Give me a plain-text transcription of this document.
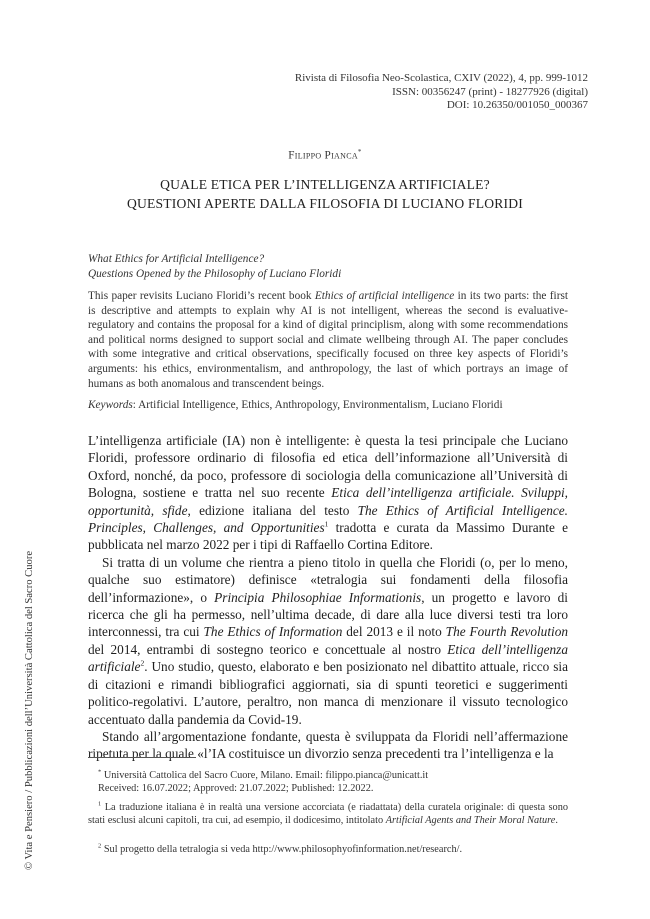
Rivista di Filosofia Neo-Scolastica, CXIV (2022), 4, pp. 999-1012
ISSN: 00356247 (print) - 18277926 (digital)
DOI: 10.26350/001050_000367
Filippo Pianca*
QUALE ETICA PER L’INTELLIGENZA ARTIFICIALE?
QUESTIONI APERTE DALLA FILOSOFIA DI LUCIANO FLORIDI
What Ethics for Artificial Intelligence?
Questions Opened by the Philosophy of Luciano Floridi
This paper revisits Luciano Floridi’s recent book Ethics of artificial intelligence in its two parts: the first is descriptive and attempts to explain why AI is not intelligent, whereas the second is evaluative-regulatory and contains the proposal for a kind of digital principlism, along with some recommendations and political norms designed to support social and climate wellbeing through AI. The paper concludes with some integrative and critical observations, specifically focused on three key aspects of Floridi’s arguments: his ethics, environmentalism, and anthropology, the last of which portrays an image of humans as both anomalous and transcendent beings.
Keywords: Artificial Intelligence, Ethics, Anthropology, Environmentalism, Luciano Floridi

L’intelligenza artificiale (IA) non è intelligente: è questa la tesi principale che Luciano Floridi, professore ordinario di filosofia ed etica dell’informazione all’Università di Oxford, nonché, da poco, professore di sociologia della comunicazione all’Università di Bologna, sostiene e tratta nel suo recente Etica dell’intelligenza artificiale. Sviluppi, opportunità, sfide, edizione italiana del testo The Ethics of Artificial Intelligence. Principles, Challenges, and Opportunities$^1$ tradotta e curata da Massimo Durante e pubblicata nel marzo 2022 per i tipi di Raffaello Cortina Editore.

Si tratta di un volume che rientra a pieno titolo in quella che Floridi (o, per lo meno, qualche suo estimatore) definisce «tetralogia sui fondamenti della filosofia dell’informazione», o Principia Philosophiae Informationis, un progetto e lavoro di ricerca che gli ha permesso, nell’ultima decade, di dare alla luce diversi testi tra loro interconnessi, tra cui The Ethics of Information del 2013 e il noto The Fourth Revolution del 2014, entrambi di sostegno teorico e concettuale al nostro Etica dell’intelligenza artificiale$^2$. Uno studio, questo, elaborato e ben posizionato nel dibattito attuale, ricco sia di citazioni e rimandi bibliografici aggiornati, sia di spunti teoretici e suggerimenti politico-regolativi. L’autore, peraltro, non manca di menzionare il vissuto tecnologico accentuato dalla pandemia da Covid-19.

Stando all’argomentazione fondante, questa è sviluppata da Floridi nell’affermazione ripetuta per la quale «l’IA costituisce un divorzio senza precedenti tra l’intelligenza e la

* Università Cattolica del Sacro Cuore, Milano. Email: filippo.pianca@unicatt.it
Received: 16.07.2022; Approved: 21.07.2022; Published: 12.2022.
$^1$ La traduzione italiana è in realtà una versione accorciata (e riadattata) della curatela originale: di questa sono stati esclusi alcuni capitoli, tra cui, ad esempio, il dodicesimo, intitolato Artificial Agents and Their Moral Nature.
$^2$ Sul progetto della tetralogia si veda http://www.philosophyofinformation.net/research/.
© Vita e Pensiero / Pubblicazioni dell’Università Cattolica del Sacro Cuore
